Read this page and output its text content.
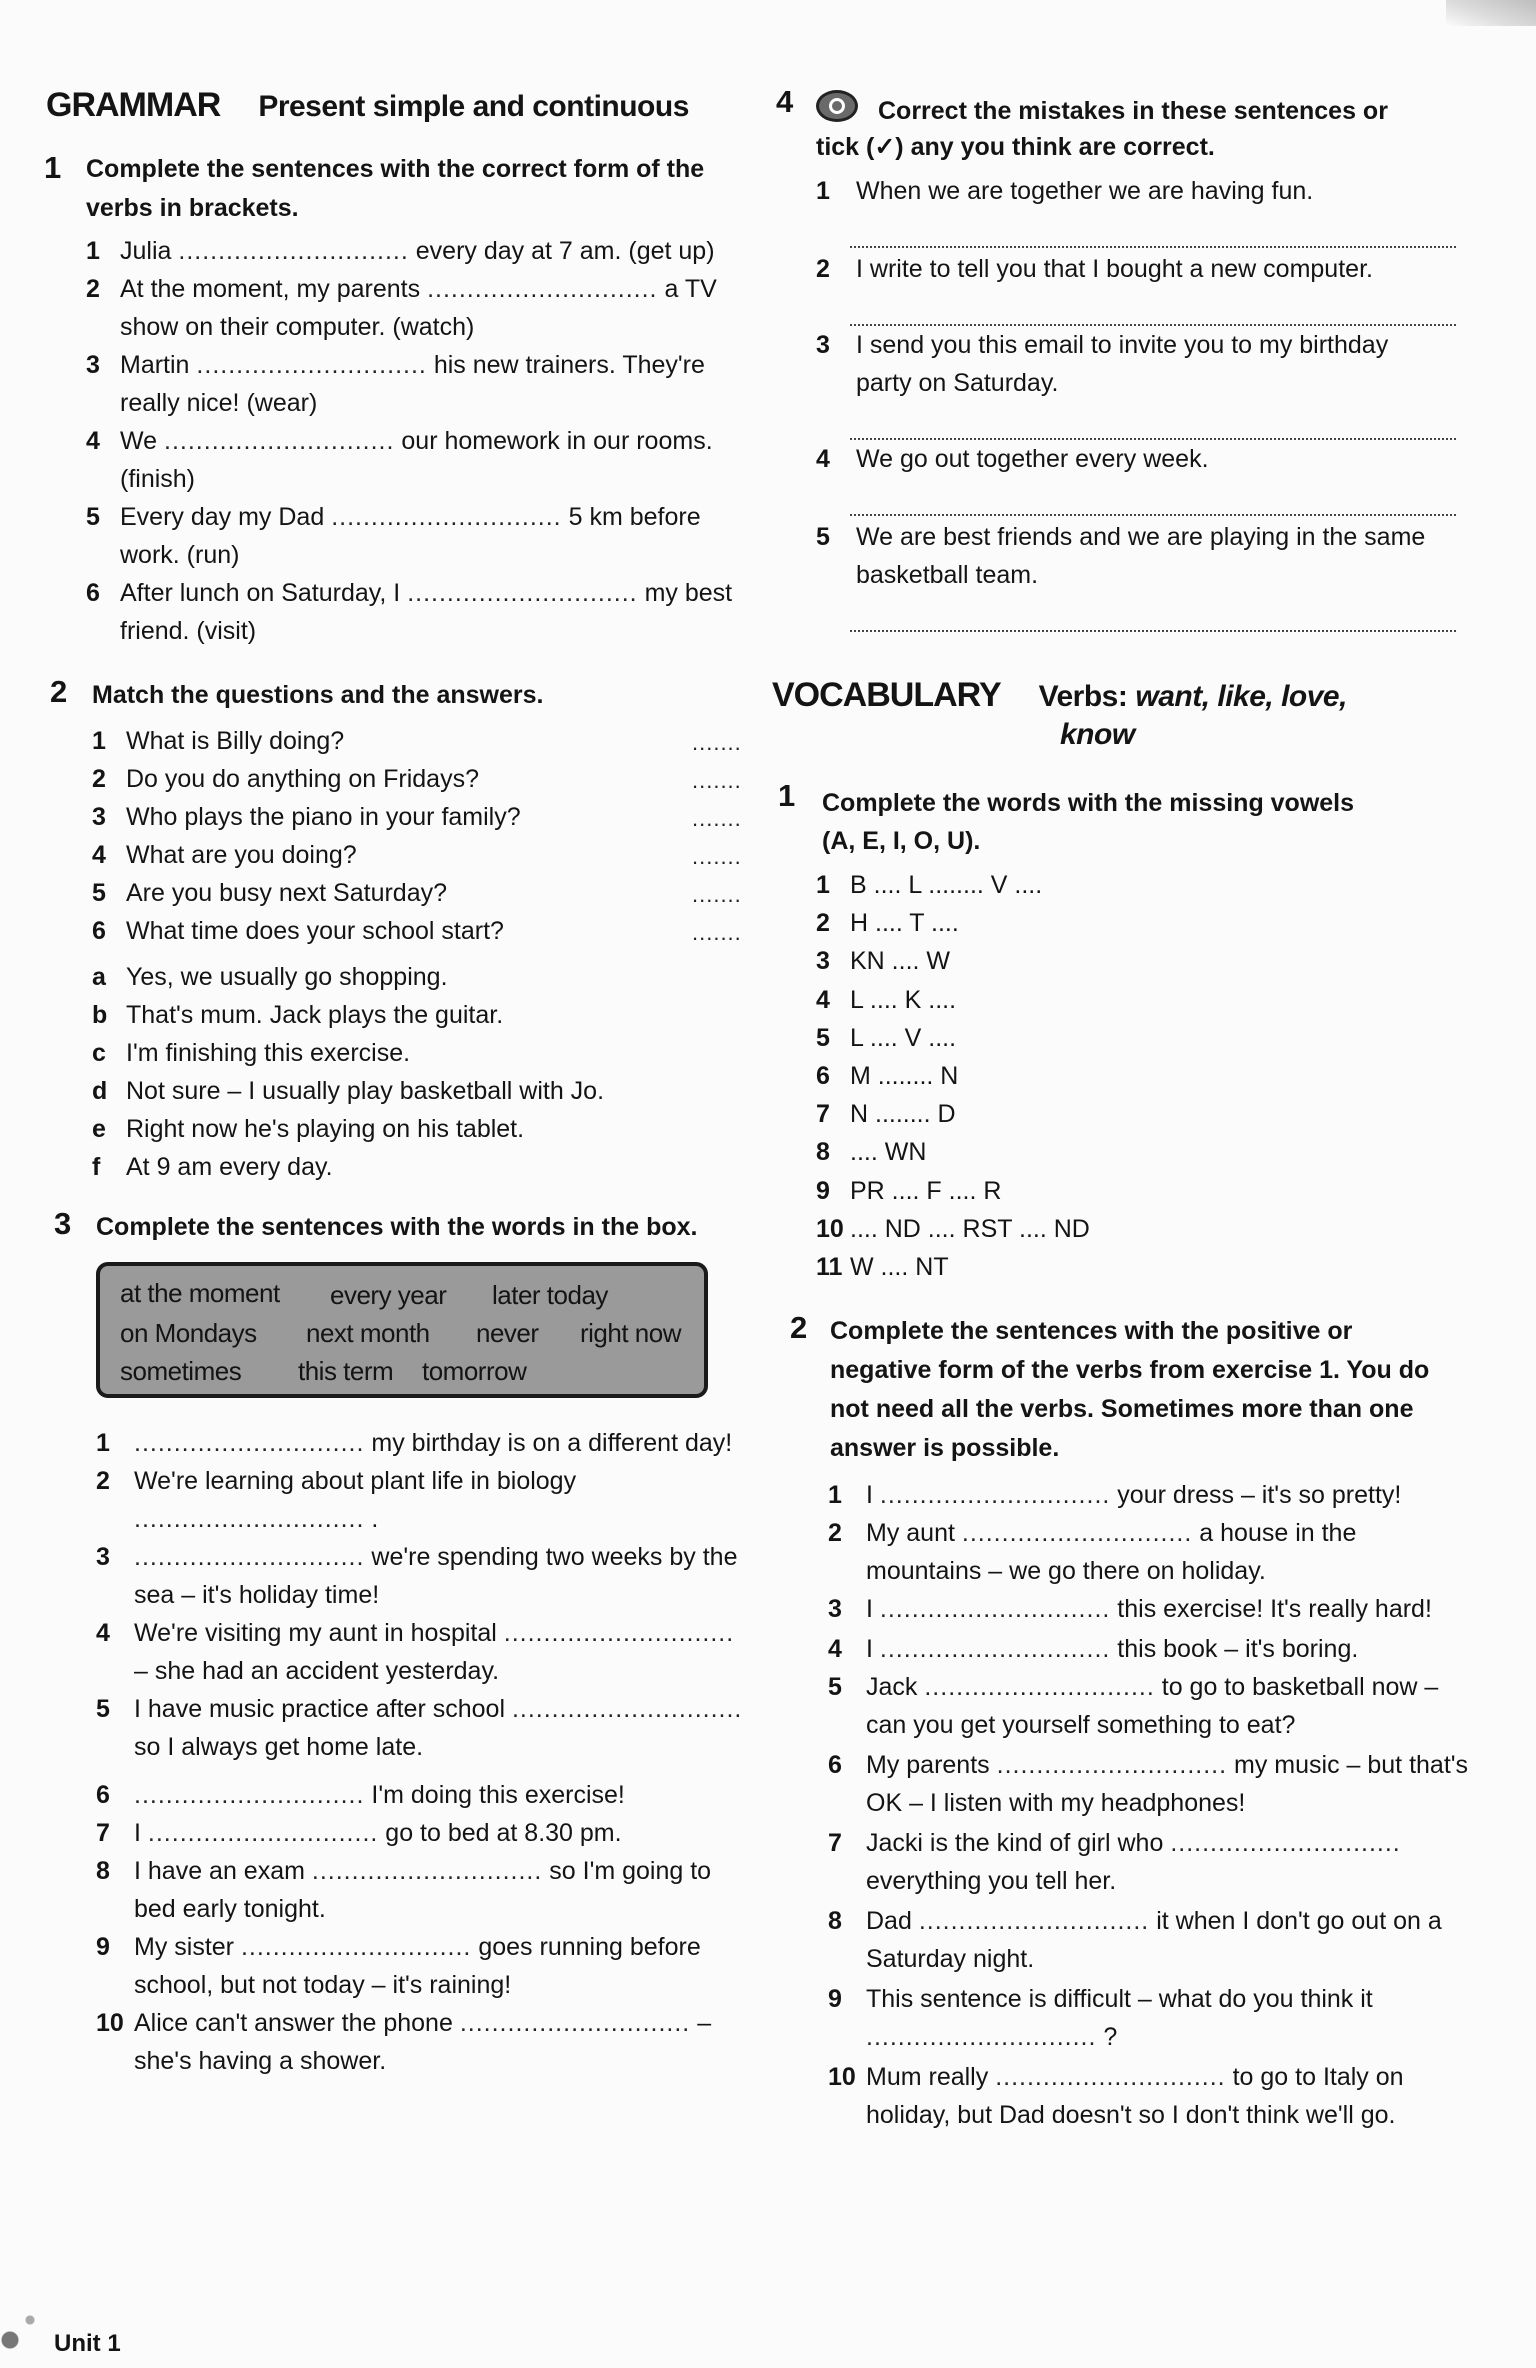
GRAMMAR Present simple and continuous
1 Complete the sentences with the correct form of the verbs in brackets.
1 Julia ............................. every day at 7 am. (get up)
2 At the moment, my parents ............................. a TV show on their computer. (watch)
3 Martin ............................. his new trainers. They're really nice! (wear)
4 We ............................. our homework in our rooms. (finish)
5 Every day my Dad ............................. 5 km before work. (run)
6 After lunch on Saturday, I ............................. my best friend. (visit)
2 Match the questions and the answers.
1 What is Billy doing?	.......
2 Do you do anything on Fridays?	.......
3 Who plays the piano in your family?	.......
4 What are you doing?	.......
5 Are you busy next Saturday?	.......
6 What time does your school start?	.......
a Yes, we usually go shopping.
b That's mum. Jack plays the guitar.
c I'm finishing this exercise.
d Not sure – I usually play basketball with Jo.
e Right now he's playing on his tablet.
f	At 9 am every day.
3 Complete the sentences with the words in the box.
at the moment every year later today
on Mondays next month never right now
sometimes this term tomorrow
1 ............................. my birthday is on a different day!
2 We're learning about plant life in biology
............................. .
3 ............................. we're spending two weeks by the
sea – it's holiday time!
4 We're visiting my aunt in hospital .............................
– she had an accident yesterday.
5 I have music practice after school .............................
so I always get home late.
6 ............................. I'm doing this exercise!
7 I ............................. go to bed at 8.30 pm.
8 I have an exam ............................. so I'm going to
bed early tonight.
9 My sister ............................. goes running before
school, but not today – it's raining!
10 Alice can't answer the phone ............................. –
she's having a shower.
4	Correct the mistakes in these sentences or
tick (✓) any you think are correct.
1	When we are together we are having fun.
2	I write to tell you that I bought a new computer.
3	I send you this email to invite you to my birthday
party on Saturday.
4	We go out together every week.
5	We are best friends and we are playing in the same
basketball team.
VOCABULARY Verbs: want, like, love,
know
1 Complete the words with the missing vowels
(A, E, I, O, U).
1 B .... L ........ V ....
2 H .... T ....
3 KN .... W
4 L .... K ....
5 L .... V ....
6 M ........ N
7 N ........ D
8 .... WN
9 PR .... F .... R
10 .... ND .... RST .... ND
11 W .... NT
2 Complete the sentences with the positive or
negative form of the verbs from exercise 1. You do
not need all the verbs. Sometimes more than one
answer is possible.
1 I ............................. your dress – it's so pretty!
2 My aunt ............................. a house in the
mountains – we go there on holiday.
3 I ............................. this exercise! It's really hard!
4 I ............................. this book – it's boring.
5 Jack ............................. to go to basketball now –
can you get yourself something to eat?
6 My parents ............................. my music – but that's
OK – I listen with my headphones!
7 Jacki is the kind of girl who .............................
everything you tell her.
8 Dad ............................. it when I don't go out on a
Saturday night.
9 This sentence is difficult – what do you think it
............................. ?
10 Mum really ............................. to go to Italy on
holiday, but Dad doesn't so I don't think we'll go.
Unit 1
